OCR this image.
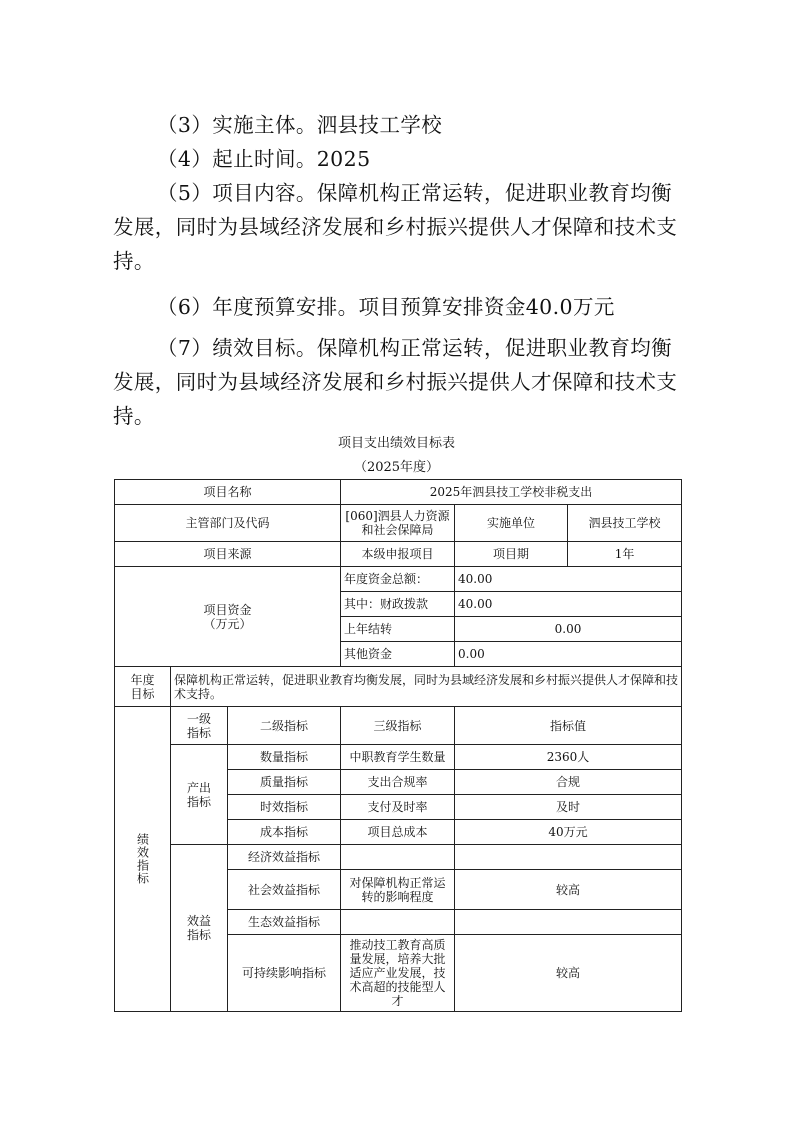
（3）实施主体。泗县技工学校

（4）起止时间。2025

（5）项目内容。保障机构正常运转，促进职业教育均衡发展，同时为县域经济发展和乡村振兴提供人才保障和技术支持。

（6）年度预算安排。项目预算安排资金40.0万元

（7）绩效目标。保障机构正常运转，促进职业教育均衡发展，同时为县域经济发展和乡村振兴提供人才保障和技术支持。

项目支出绩效目标表

（2025年度）

项目名称			2025年泗县技工学校非税支出		
主管部门及代码			[060]泗县人力资源和社会保障局	实施单位	泗县技工学校
项目来源			本级申报项目	项目期	1年

项目资金（万元）			年度资金总额：	40.00	
			其中：财政拨款	40.00	
			上年结转	0.00	
			其他资金	0.00	

年度目标	保障机构正常运转，促进职业教育均衡发展，同时为县域经济发展和乡村振兴提供人才保障和技术支持。				

绩效指标	一级指标	二级指标	三级指标	指标值	

	产出指标	数量指标	中职教育学生数量	2360人	
		质量指标	支出合规率	合规	
		时效指标	支付及时率	及时	
		成本指标	项目总成本	40万元	

	效益指标	经济效益指标			
		社会效益指标	对保障机构正常运转的影响程度	较高	
		生态效益指标			
		可持续影响指标	推动技工教育高质量发展，培养大批适应产业发展，技术高超的技能型人才	较高	
